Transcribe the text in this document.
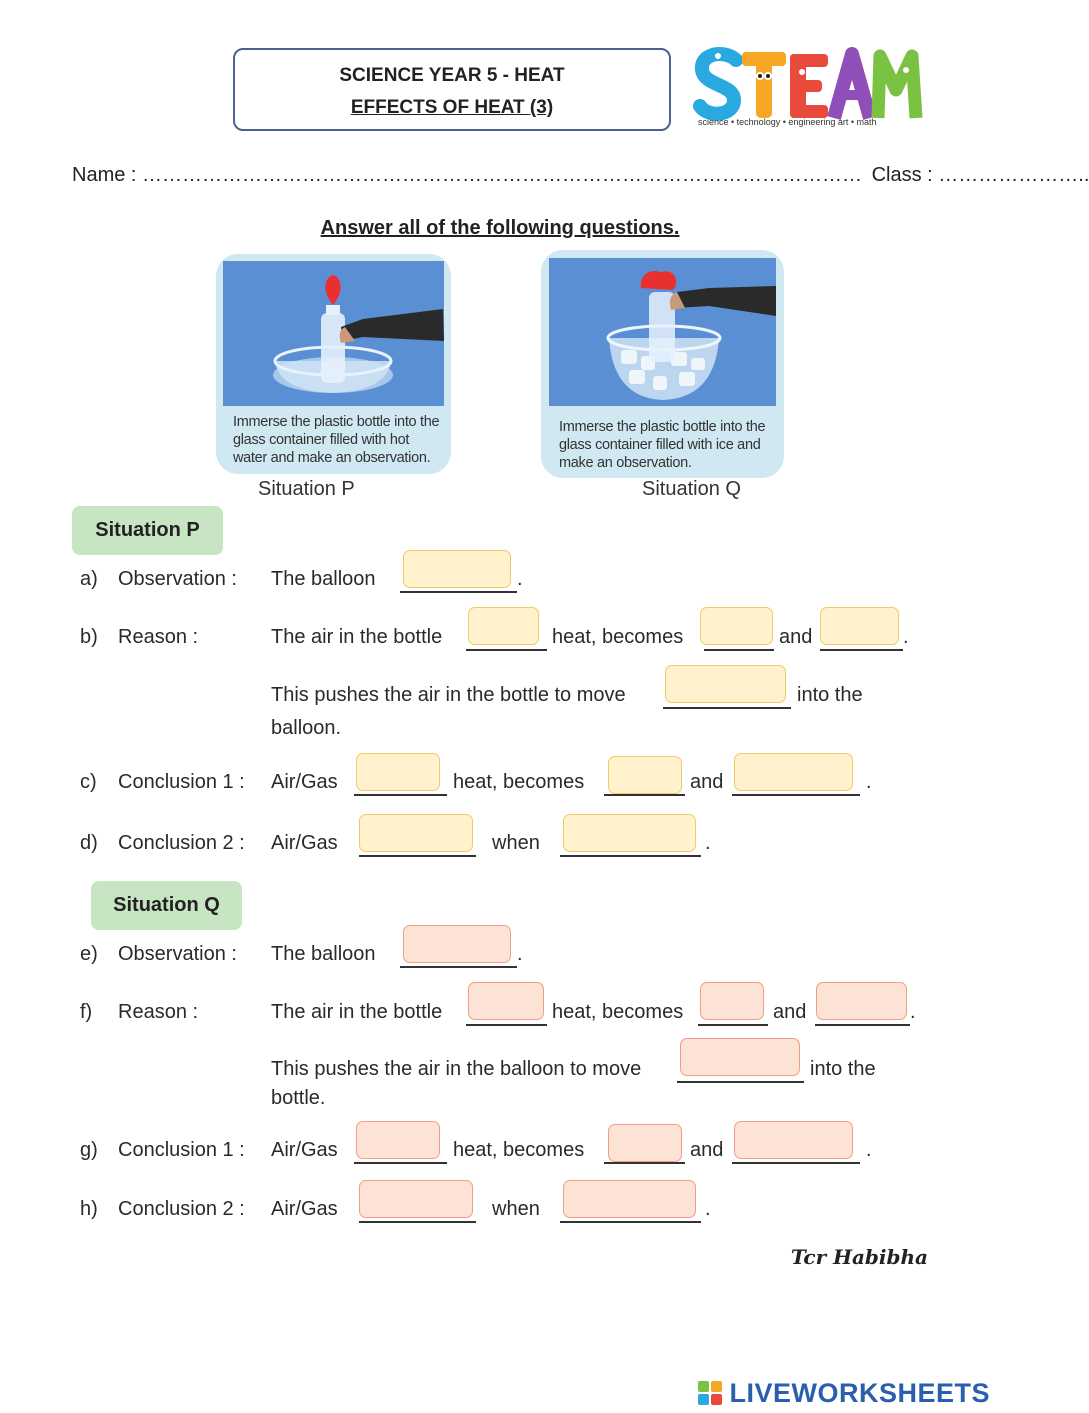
SCIENCE YEAR 5 - HEAT
EFFECTS OF HEAT (3)
science • technology • engineering art • math
Name : ……………………………………………………………………………………………… Class : …………………..
Answer all of the following questions.
Immerse the plastic bottle into the glass container filled with hot water and make an observation.
Situation P
Immerse the plastic bottle into the glass container filled with ice and make an observation.
Situation Q
Situation P
a) Observation : The balloon	.
b) Reason :	The air in the bottle	heat, becomes	and	.
This pushes the air in the bottle to move	into the
balloon.
c) Conclusion 1 : Air/Gas	heat, becomes	and	.
d) Conclusion 2 : Air/Gas	when	.
Situation Q
e) Observation : The balloon	.
f) Reason :	The air in the bottle	heat, becomes	and	.
This pushes the air in the balloon to move	into the
bottle.
g) Conclusion 1 : Air/Gas	heat, becomes	and	.
h) Conclusion 2 : Air/Gas	when	.
Tcr Habibha
LIVEWORKSHEETS
